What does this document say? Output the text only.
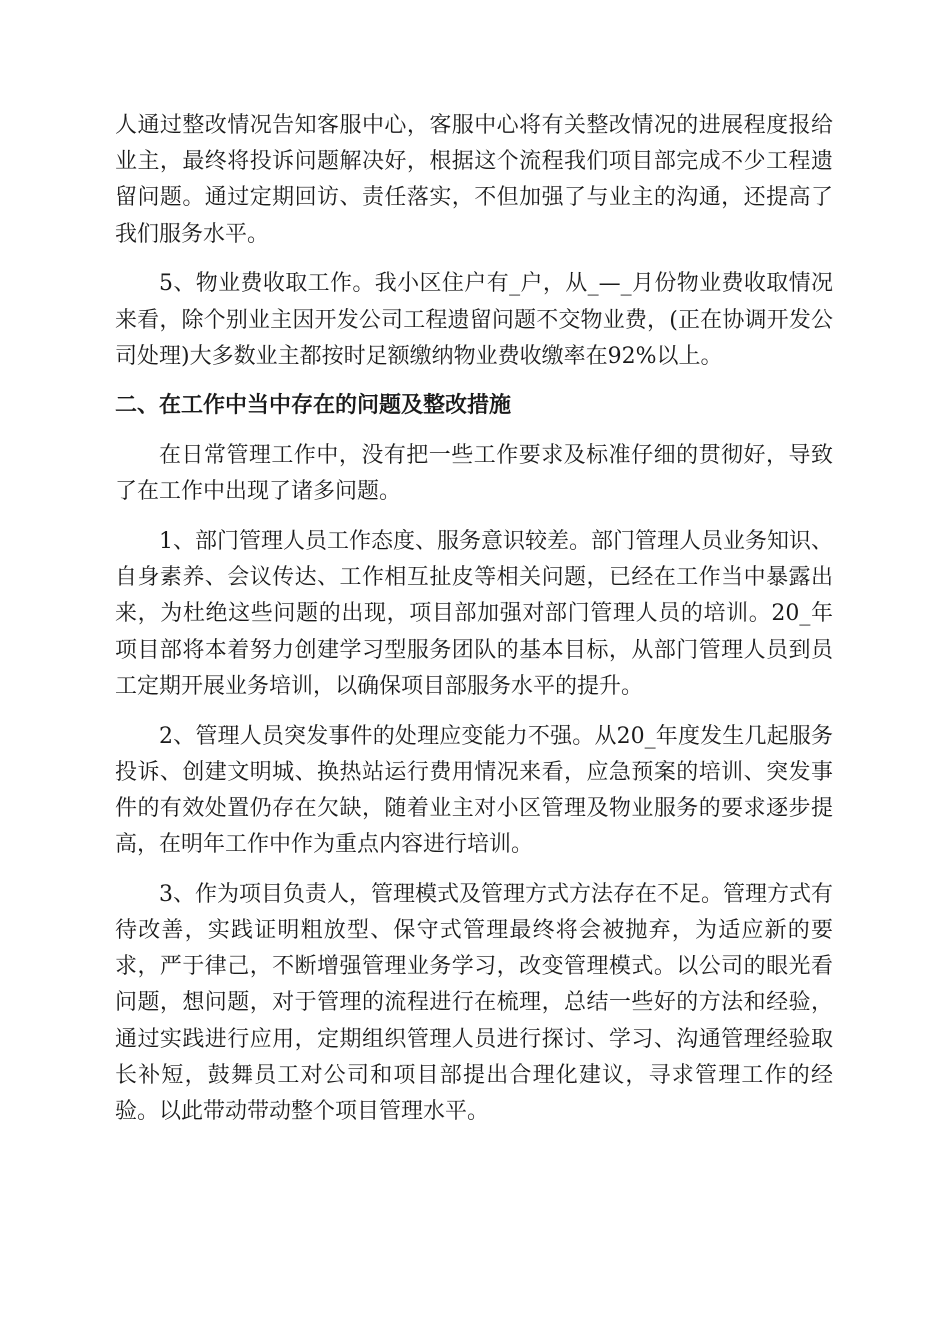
人通过整改情况告知客服中心，客服中心将有关整改情况的进展程度报给业主，最终将投诉问题解决好，根据这个流程我们项目部完成不少工程遗留问题。通过定期回访、责任落实，不但加强了与业主的沟通，还提高了我们服务水平。

5、物业费收取工作。我小区住户有_户，从_—_月份物业费收取情况来看，除个别业主因开发公司工程遗留问题不交物业费，(正在协调开发公司处理)大多数业主都按时足额缴纳物业费收缴率在92%以上。

二、在工作中当中存在的问题及整改措施

在日常管理工作中，没有把一些工作要求及标准仔细的贯彻好，导致了在工作中出现了诸多问题。

1、部门管理人员工作态度、服务意识较差。部门管理人员业务知识、自身素养、会议传达、工作相互扯皮等相关问题，已经在工作当中暴露出来，为杜绝这些问题的出现，项目部加强对部门管理人员的培训。20_年项目部将本着努力创建学习型服务团队的基本目标，从部门管理人员到员工定期开展业务培训，以确保项目部服务水平的提升。

2、管理人员突发事件的处理应变能力不强。从20_年度发生几起服务投诉、创建文明城、换热站运行费用情况来看，应急预案的培训、突发事件的有效处置仍存在欠缺，随着业主对小区管理及物业服务的要求逐步提高，在明年工作中作为重点内容进行培训。

3、作为项目负责人，管理模式及管理方式方法存在不足。管理方式有待改善，实践证明粗放型、保守式管理最终将会被抛弃，为适应新的要求，严于律己，不断增强管理业务学习，改变管理模式。以公司的眼光看问题，想问题，对于管理的流程进行在梳理，总结一些好的方法和经验，通过实践进行应用，定期组织管理人员进行探讨、学习、沟通管理经验取长补短，鼓舞员工对公司和项目部提出合理化建议，寻求管理工作的经验。以此带动带动整个项目管理水平。
